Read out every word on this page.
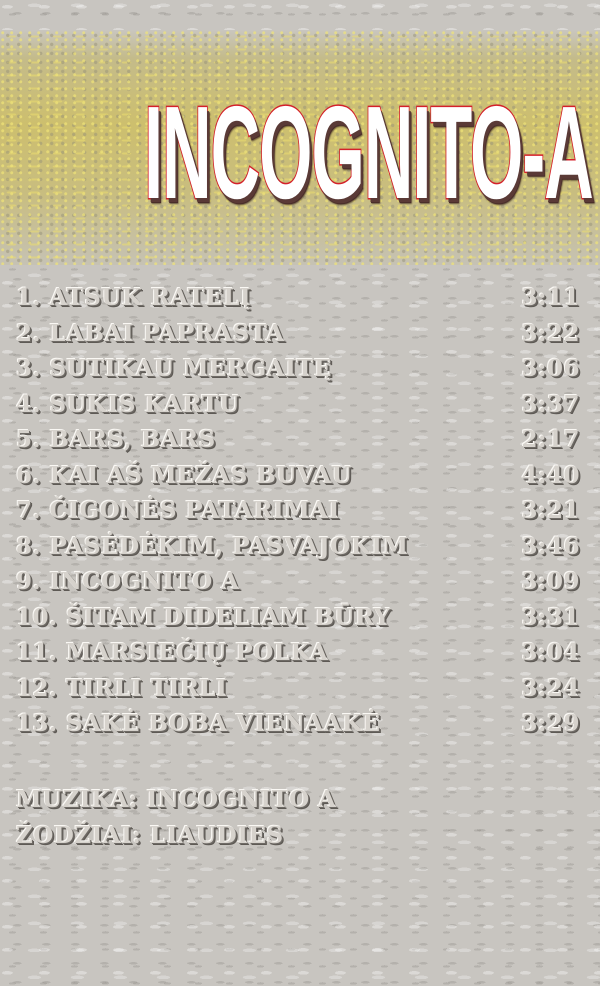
INCOGNITO-A
1. ATSUK RATELĮ	3:11
2. LABAI PAPRASTA	3:22
3. SUTIKAU MERGAITĘ	3:06
4. SUKIS KARTU	3:37
5. BARS, BARS	2:17
6. KAI AŠ MEŽAS BUVAU	4:40
7. ČIGONĖS PATARIMAI	3:21
8. PASĖDĖKIM, PASVAJOKIM	3:46
9. INCOGNITO A	3:09
10. ŠITAM DIDELIAM BŪRY	3:31
11. MARSIEČIŲ POLKA	3:04
12. TIRLI TIRLI	3:24
13. SAKĖ BOBA VIENAAKĖ	3:29
MUZIKA: INCOGNITO A
ŽODŽIAI: LIAUDIES
